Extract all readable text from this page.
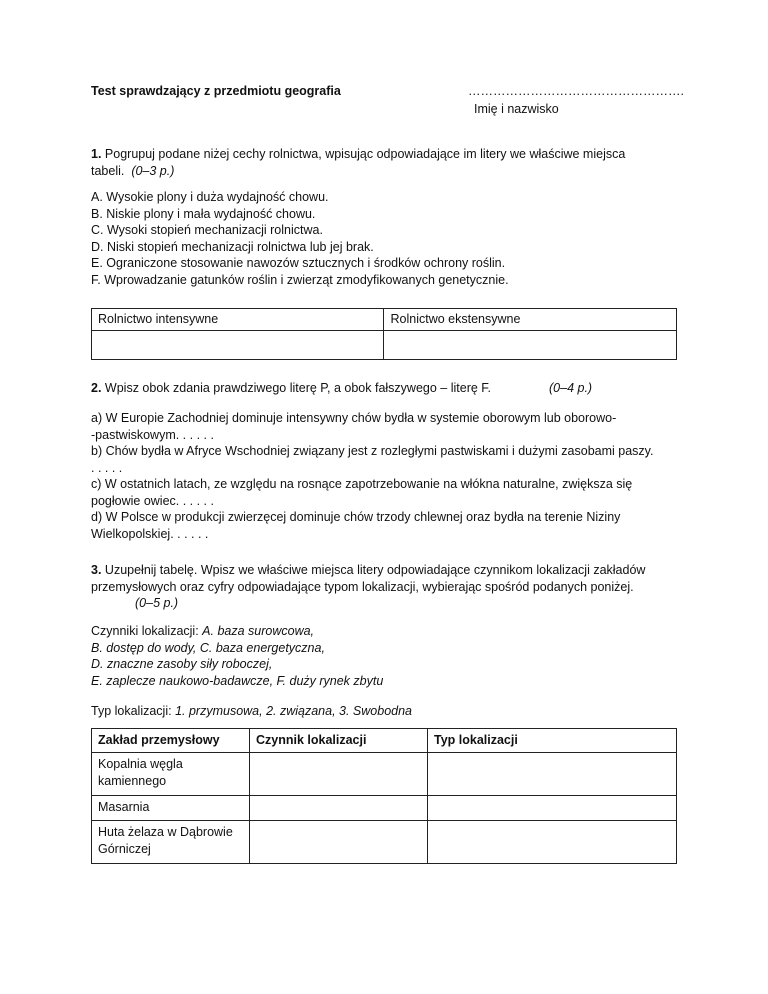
Test sprawdzający z przedmiotu geografia	…………………………………………….
Imię i nazwisko
1. Pogrupuj podane niżej cechy rolnictwa, wpisując odpowiadające im litery we właściwe miejsca
tabeli. (0–3 p.)
A. Wysokie plony i duża wydajność chowu.
B. Niskie plony i mała wydajność chowu.
C. Wysoki stopień mechanizacji rolnictwa.
D. Niski stopień mechanizacji rolnictwa lub jej brak.
E. Ograniczone stosowanie nawozów sztucznych i środków ochrony roślin.
F. Wprowadzanie gatunków roślin i zwierząt zmodyfikowanych genetycznie.
Rolnictwo intensywne	Rolnictwo ekstensywne

2. Wpisz obok zdania prawdziwego literę P, a obok fałszywego – literę F.	(0–4 p.)
a) W Europie Zachodniej dominuje intensywny chów bydła w systemie oborowym lub oborowo-
-pastwiskowym. . . . . .
b) Chów bydła w Afryce Wschodniej związany jest z rozległymi pastwiskami i dużymi zasobami paszy.
. . . . .
c) W ostatnich latach, ze względu na rosnące zapotrzebowanie na włókna naturalne, zwiększa się
pogłowie owiec. . . . . .
d) W Polsce w produkcji zwierzęcej dominuje chów trzody chlewnej oraz bydła na terenie Niziny
Wielkopolskiej. . . . . .
3. Uzupełnij tabelę. Wpisz we właściwe miejsca litery odpowiadające czynnikom lokalizacji zakładów
przemysłowych oraz cyfry odpowiadające typom lokalizacji, wybierając spośród podanych poniżej.
(0–5 p.)
Czynniki lokalizacji: A. baza surowcowa,
B. dostęp do wody, C. baza energetyczna,
D. znaczne zasoby siły roboczej,
E. zaplecze naukowo-badawcze, F. duży rynek zbytu
Typ lokalizacji: 1. przymusowa, 2. związana, 3. Swobodna
Zakład przemysłowy	Czynnik lokalizacji	Typ lokalizacji

Kopalnia węgla
kamiennego		

Masarnia		

Huta żelaza w Dąbrowie
Górniczej		
